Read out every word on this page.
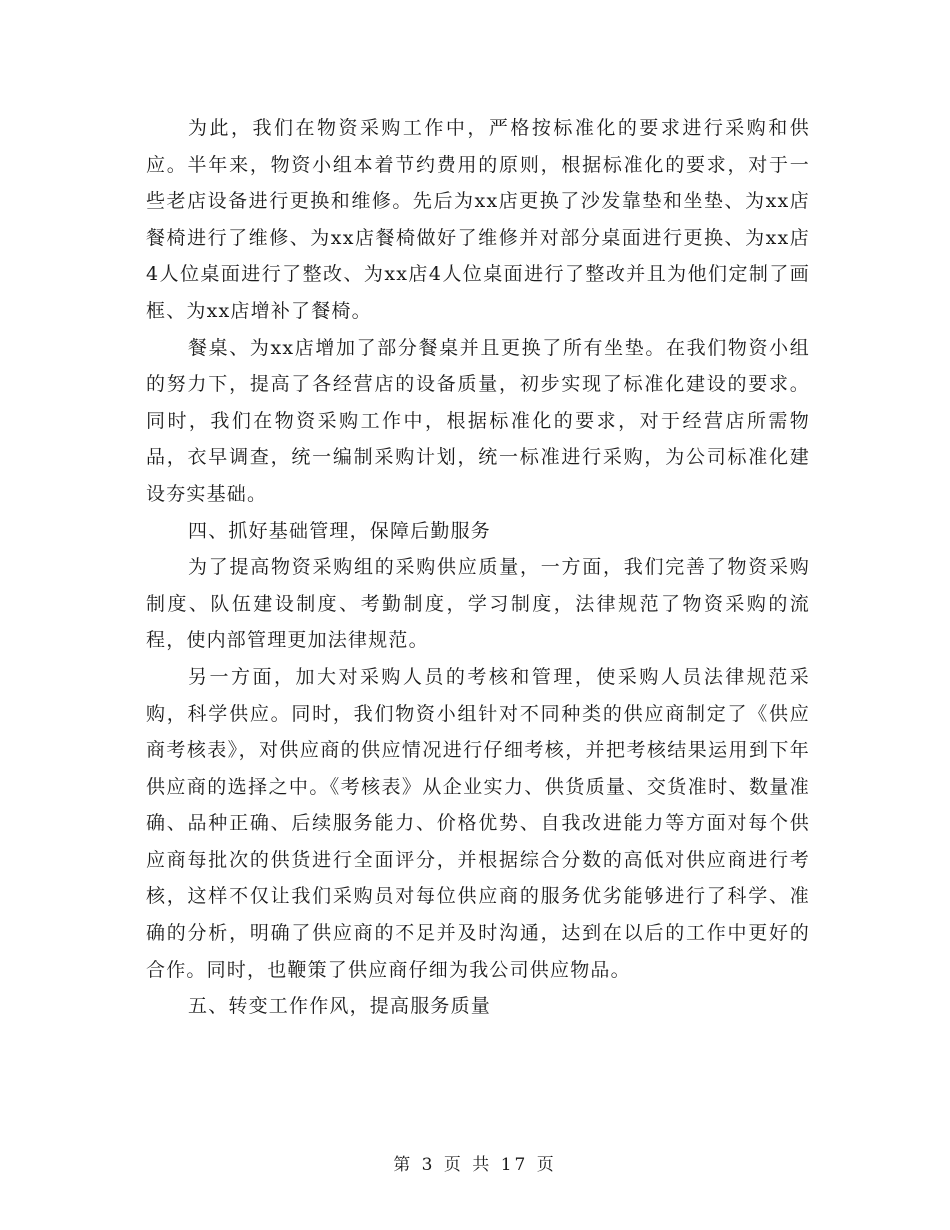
为此，我们在物资采购工作中，严格按标准化的要求进行采购和供应。半年来，物资小组本着节约费用的原则，根据标准化的要求，对于一些老店设备进行更换和维修。先后为xx店更换了沙发靠垫和坐垫、为xx店餐椅进行了维修、为xx店餐椅做好了维修并对部分桌面进行更换、为xx店4人位桌面进行了整改、为xx店4人位桌面进行了整改并且为他们定制了画框、为xx店增补了餐椅。

餐桌、为xx店增加了部分餐桌并且更换了所有坐垫。在我们物资小组的努力下，提高了各经营店的设备质量，初步实现了标准化建设的要求。同时，我们在物资采购工作中，根据标准化的要求，对于经营店所需物品，衣早调查，统一编制采购计划，统一标准进行采购，为公司标准化建设夯实基础。

四、抓好基础管理，保障后勤服务

为了提高物资采购组的采购供应质量，一方面，我们完善了物资采购制度、队伍建设制度、考勤制度，学习制度，法律规范了物资采购的流程，使内部管理更加法律规范。

另一方面，加大对采购人员的考核和管理，使采购人员法律规范采购，科学供应。同时，我们物资小组针对不同种类的供应商制定了《供应商考核表》，对供应商的供应情况进行仔细考核，并把考核结果运用到下年供应商的选择之中。《考核表》从企业实力、供货质量、交货准时、数量准确、品种正确、后续服务能力、价格优势、自我改进能力等方面对每个供应商每批次的供货进行全面评分，并根据综合分数的高低对供应商进行考核，这样不仅让我们采购员对每位供应商的服务优劣能够进行了科学、准确的分析，明确了供应商的不足并及时沟通，达到在以后的工作中更好的合作。同时，也鞭策了供应商仔细为我公司供应物品。

五、转变工作作风，提高服务质量

第 3 页 共 17 页
